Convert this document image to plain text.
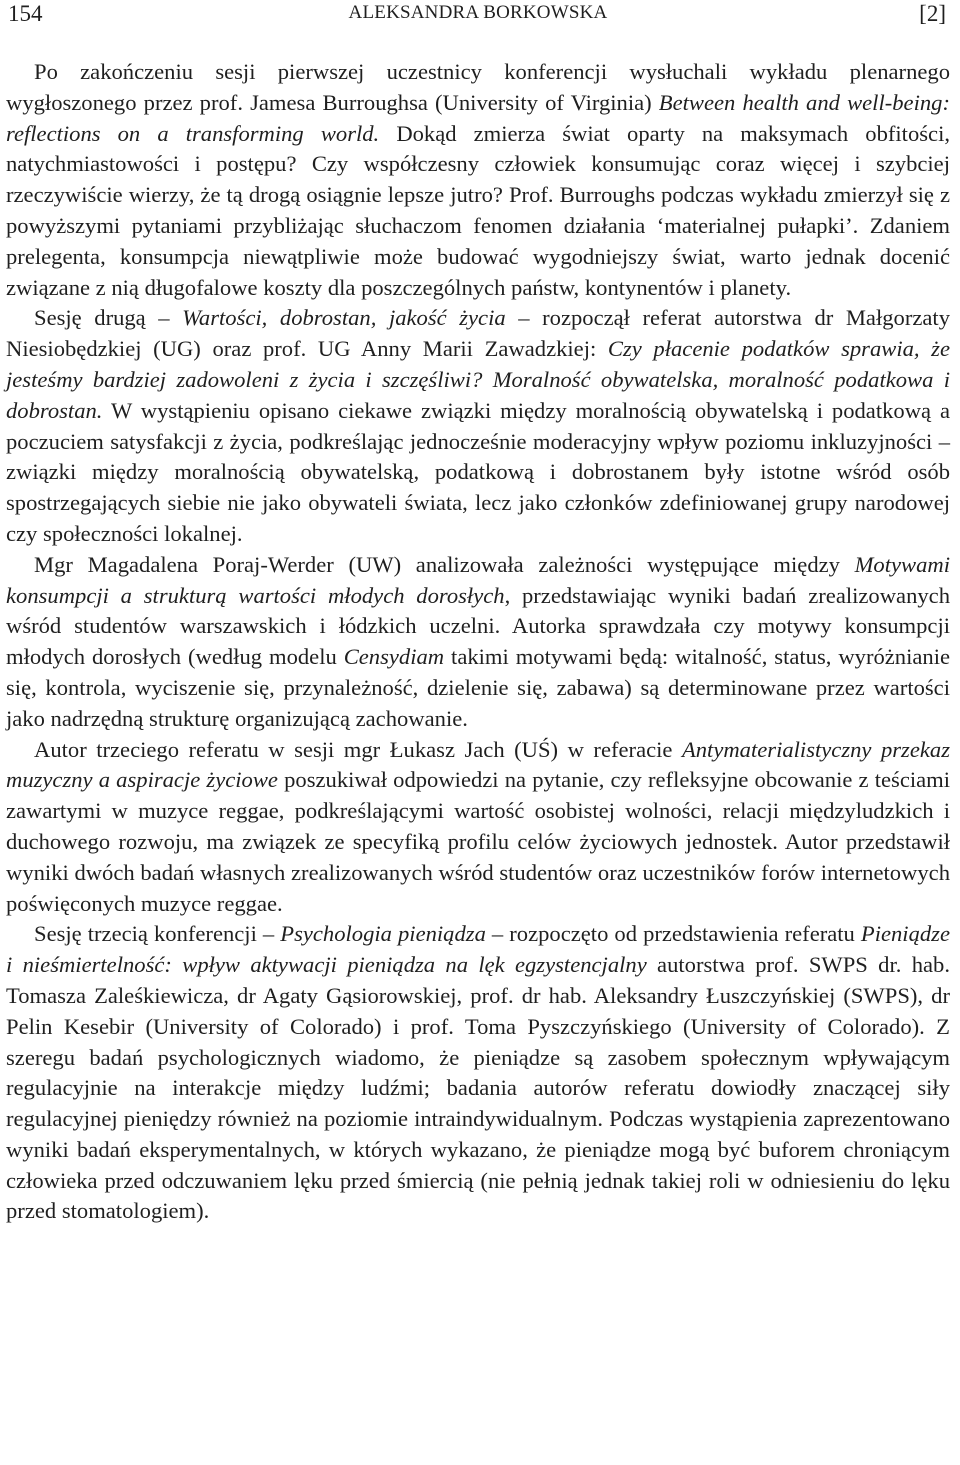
154	ALEKSANDRA BORKOWSKA	[2]

Po zakończeniu sesji pierwszej uczestnicy konferencji wysłuchali wykładu plenarnego wygłoszonego przez prof. Jamesa Burroughsa (University of Virginia) Between health and well-being: reflections on a transforming world. Dokąd zmierza świat oparty na maksymach obfitości, natychmiastowości i postępu? Czy współczesny człowiek konsumując coraz więcej i szybciej rzeczywiście wierzy, że tą drogą osiągnie lepsze jutro? Prof. Burroughs podczas wykładu zmierzył się z powyższymi pytaniami przybliżając słuchaczom fenomen działania ‘materialnej pułapki’. Zdaniem prelegenta, konsumpcja niewątpliwie może budować wygodniejszy świat, warto jednak docenić związane z nią długofalowe koszty dla poszczególnych państw, kontynentów i planety.

Sesję drugą – Wartości, dobrostan, jakość życia – rozpoczął referat autorstwa dr Małgorzaty Niesiobędzkiej (UG) oraz prof. UG Anny Marii Zawadzkiej: Czy płacenie podatków sprawia, że jesteśmy bardziej zadowoleni z życia i szczęśliwi? Moralność obywatelska, moralność podatkowa i dobrostan. W wystąpieniu opisano ciekawe związki między moralnością obywatelską i podatkową a poczuciem satysfakcji z życia, podkreślając jednocześnie moderacyjny wpływ poziomu inkluzyjności – związki między moralnością obywatelską, podatkową i dobrostanem były istotne wśród osób spostrzegających siebie nie jako obywateli świata, lecz jako członków zdefiniowanej grupy narodowej czy społeczności lokalnej.

Mgr Magadalena Poraj-Werder (UW) analizowała zależności występujące między Motywami konsumpcji a strukturą wartości młodych dorosłych, przedstawiając wyniki badań zrealizowanych wśród studentów warszawskich i łódzkich uczelni. Autorka sprawdzała czy motywy konsumpcji młodych dorosłych (według modelu Censydiam takimi motywami będą: witalność, status, wyróżnianie się, kontrola, wyciszenie się, przynależność, dzielenie się, zabawa) są determinowane przez wartości jako nadrzędną strukturę organizującą zachowanie.

Autor trzeciego referatu w sesji mgr Łukasz Jach (UŚ) w referacie Antymaterialistyczny przekaz muzyczny a aspiracje życiowe poszukiwał odpowiedzi na pytanie, czy refleksyjne obcowanie z teściami zawartymi w muzyce reggae, podkreślającymi wartość osobistej wolności, relacji międzyludzkich i duchowego rozwoju, ma związek ze specyfiką profilu celów życiowych jednostek. Autor przedstawił wyniki dwóch badań własnych zrealizowanych wśród studentów oraz uczestników forów internetowych poświęconych muzyce reggae.

Sesję trzecią konferencji – Psychologia pieniądza – rozpoczęto od przedstawienia referatu Pieniądze i nieśmiertelność: wpływ aktywacji pieniądza na lęk egzystencjalny autorstwa prof. SWPS dr. hab. Tomasza Zaleśkiewicza, dr Agaty Gąsiorowskiej, prof. dr hab. Aleksandry Łuszczyńskiej (SWPS), dr Pelin Kesebir (University of Colorado) i prof. Toma Pyszczyńskiego (University of Colorado). Z szeregu badań psychologicznych wiadomo, że pieniądze są zasobem społecznym wpływającym regulacyjnie na interakcje między ludźmi; badania autorów referatu dowiodły znaczącej siły regulacyjnej pieniędzy również na poziomie intraindywidualnym. Podczas wystąpienia zaprezentowano wyniki badań eksperymentalnych, w których wykazano, że pieniądze mogą być buforem chroniącym człowieka przed odczuwaniem lęku przed śmiercią (nie pełnią jednak takiej roli w odniesieniu do lęku przed stomatologiem).
